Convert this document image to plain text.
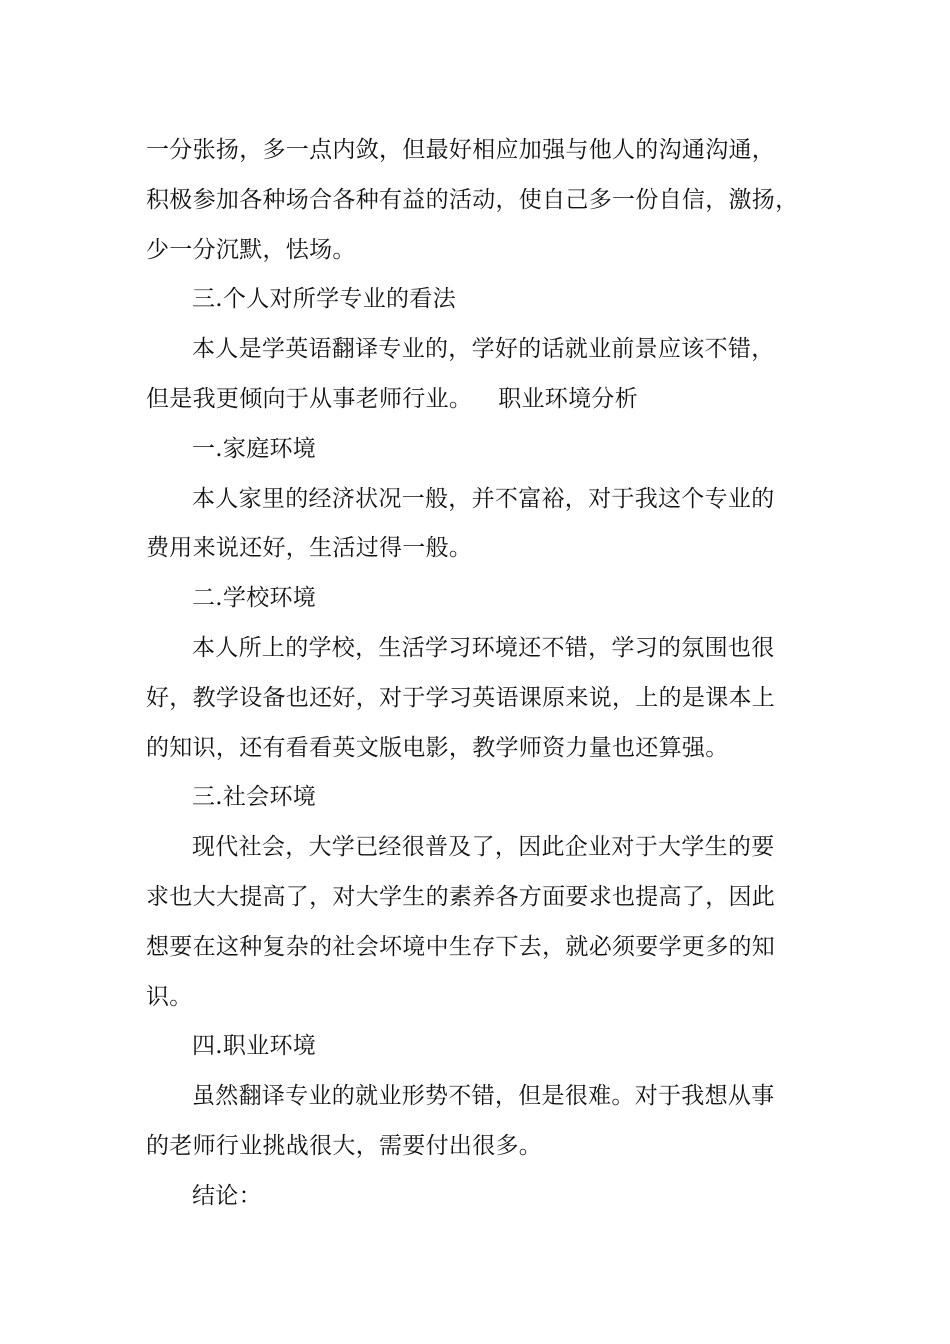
一分张扬，多一点内敛，但最好相应加强与他人的沟通沟通，
积极参加各种场合各种有益的活动，使自己多一份自信，激扬，
少一分沉默，怯场。
三.个人对所学专业的看法
本人是学英语翻译专业的，学好的话就业前景应该不错，
但是我更倾向于从事老师行业。 职业环境分析
一.家庭环境
本人家里的经济状况一般，并不富裕，对于我这个专业的
费用来说还好，生活过得一般。
二.学校环境
本人所上的学校，生活学习环境还不错，学习的氛围也很
好，教学设备也还好，对于学习英语课原来说，上的是课本上
的知识，还有看看英文版电影，教学师资力量也还算强。
三.社会环境
现代社会，大学已经很普及了，因此企业对于大学生的要
求也大大提高了，对大学生的素养各方面要求也提高了，因此
想要在这种复杂的社会坏境中生存下去，就必须要学更多的知
识。
四.职业环境
虽然翻译专业的就业形势不错，但是很难。对于我想从事
的老师行业挑战很大，需要付出很多。
结论：
